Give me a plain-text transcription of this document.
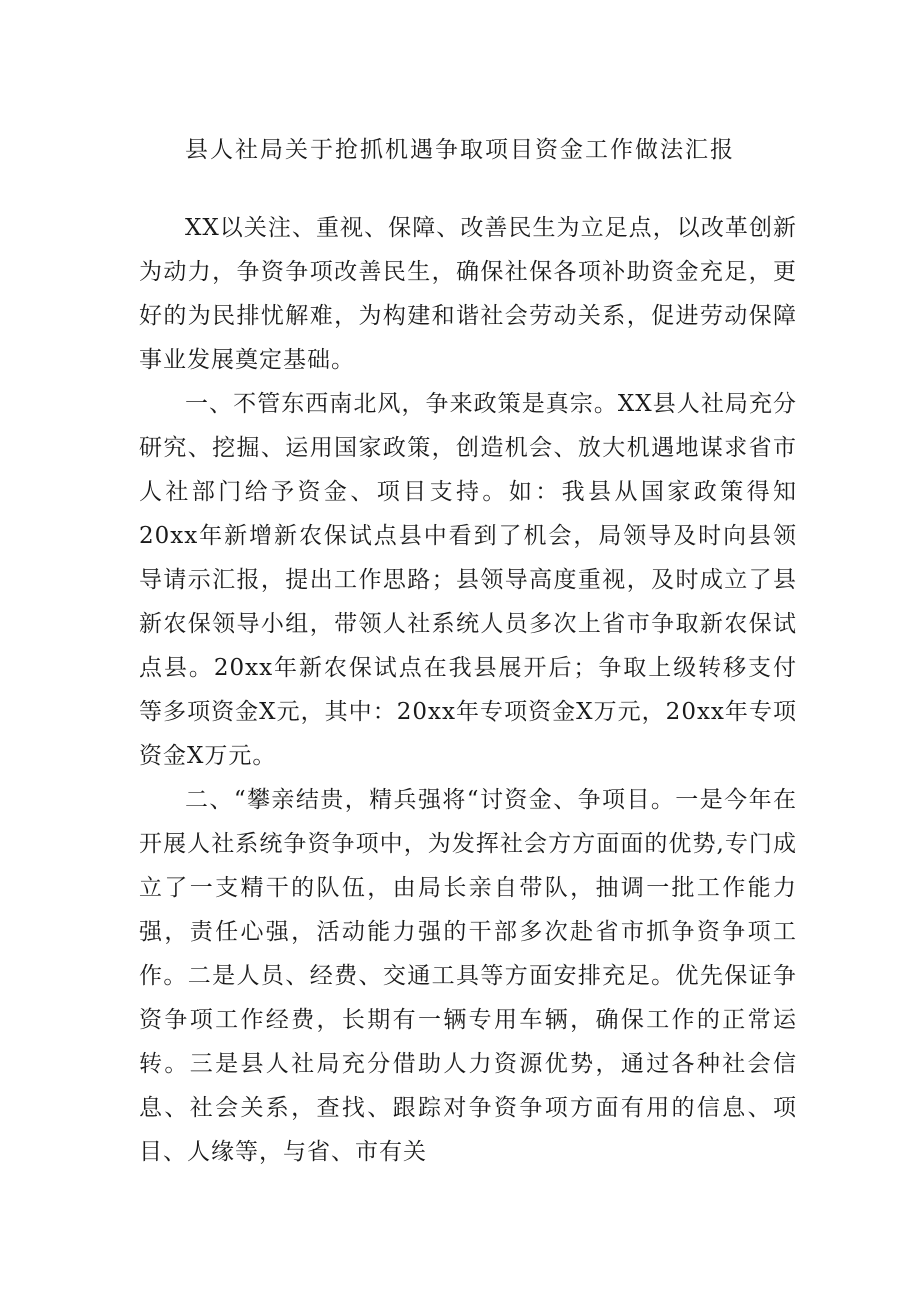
县人社局关于抢抓机遇争取项目资金工作做法汇报

XX以关注、重视、保障、改善民生为立足点，以改革创新为动力，争资争项改善民生，确保社保各项补助资金充足，更好的为民排忧解难，为构建和谐社会劳动关系，促进劳动保障事业发展奠定基础。

一、不管东西南北风，争来政策是真宗。XX县人社局充分研究、挖掘、运用国家政策，创造机会、放大机遇地谋求省市人社部门给予资金、项目支持。如：我县从国家政策得知20xx年新增新农保试点县中看到了机会，局领导及时向县领导请示汇报，提出工作思路；县领导高度重视，及时成立了县新农保领导小组，带领人社系统人员多次上省市争取新农保试点县。20xx年新农保试点在我县展开后；争取上级转移支付等多项资金X元，其中：20xx年专项资金X万元，20xx年专项资金X万元。

二、“攀亲结贵，精兵强将“讨资金、争项目。一是今年在开展人社系统争资争项中，为发挥社会方方面面的优势,专门成立了一支精干的队伍，由局长亲自带队，抽调一批工作能力强，责任心强，活动能力强的干部多次赴省市抓争资争项工作。二是人员、经费、交通工具等方面安排充足。优先保证争资争项工作经费，长期有一辆专用车辆，确保工作的正常运转。三是县人社局充分借助人力资源优势，通过各种社会信息、社会关系，查找、跟踪对争资争项方面有用的信息、项目、人缘等，与省、市有关
